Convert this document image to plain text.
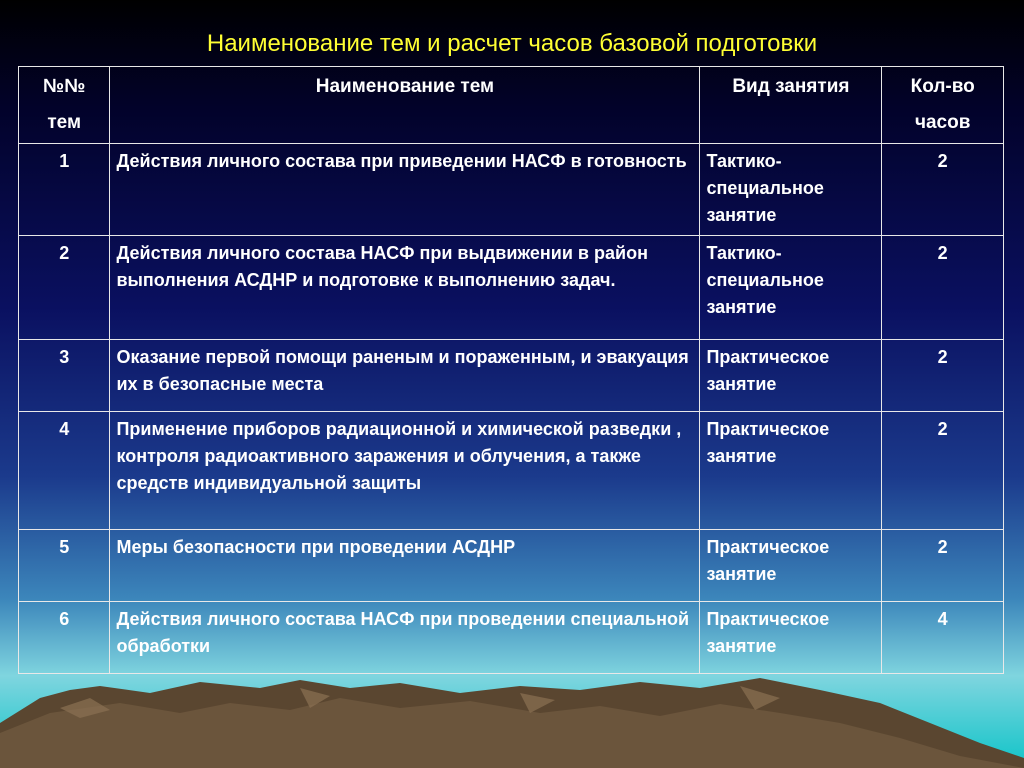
Наименование тем и расчет часов базовой подготовки
№№ тем	Наименование тем	Вид занятия	Кол-во часов
1	Действия личного состава при приведении НАСФ в готовность	Тактико-специальное занятие	2
2	Действия личного состава НАСФ при выдвижении в район выполнения АСДНР и подготовке к выполнению задач.	Тактико-специальное занятие	2
3	Оказание первой помощи раненым и пораженным, и эвакуация их в безопасные места	Практическое занятие	2
4	Применение приборов радиационной и химической разведки , контроля радиоактивного заражения и облучения, а также средств индивидуальной защиты	Практическое занятие	2
5	Меры безопасности при проведении АСДНР	Практическое занятие	2
6	Действия личного состава НАСФ при проведении специальной обработки	Практическое занятие	4
